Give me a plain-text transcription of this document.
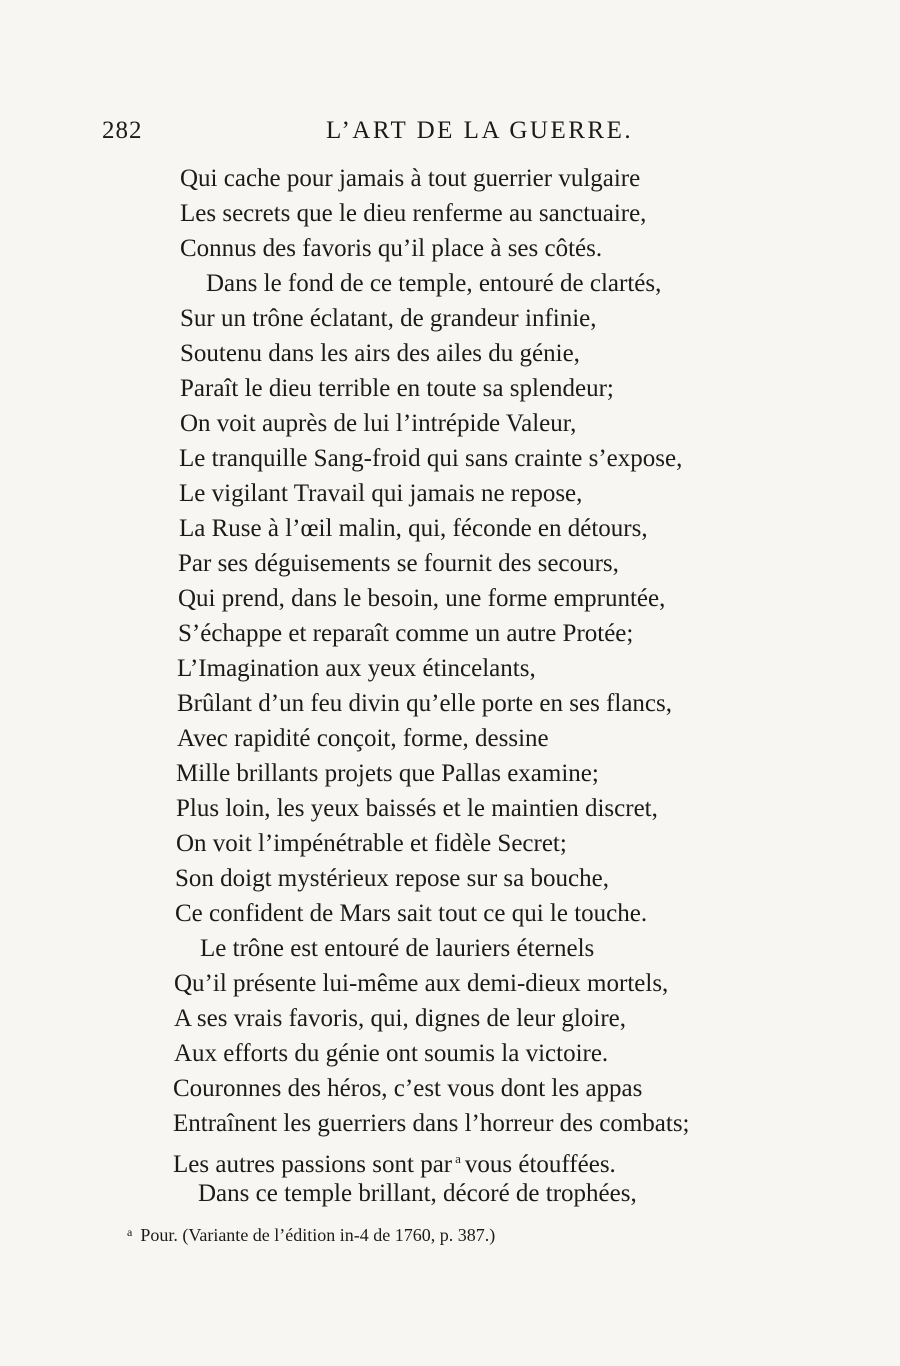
282	L’ART DE LA GUERRE.
Qui cache pour jamais à tout guerrier vulgaire
Les secrets que le dieu renferme au sanctuaire,
Connus des favoris qu’il place à ses côtés.
Dans le fond de ce temple, entouré de clartés,
Sur un trône éclatant, de grandeur infinie,
Soutenu dans les airs des ailes du génie,
Paraît le dieu terrible en toute sa splendeur;
On voit auprès de lui l’intrépide Valeur,
Le tranquille Sang-froid qui sans crainte s’expose,
Le vigilant Travail qui jamais ne repose,
La Ruse à l’œil malin, qui, féconde en détours,
Par ses déguisements se fournit des secours,
Qui prend, dans le besoin, une forme empruntée,
S’échappe et reparaît comme un autre Protée;
L’Imagination aux yeux étincelants,
Brûlant d’un feu divin qu’elle porte en ses flancs,
Avec rapidité conçoit, forme, dessine
Mille brillants projets que Pallas examine;
Plus loin, les yeux baissés et le maintien discret,
On voit l’impénétrable et fidèle Secret;
Son doigt mystérieux repose sur sa bouche,
Ce confident de Mars sait tout ce qui le touche.
Le trône est entouré de lauriers éternels
Qu’il présente lui-même aux demi-dieux mortels,
A ses vrais favoris, qui, dignes de leur gloire,
Aux efforts du génie ont soumis la victoire.
Couronnes des héros, c’est vous dont les appas
Entraînent les guerriers dans l’horreur des combats;
Les autres passions sont par $^a$ vous étouffées.
Dans ce temple brillant, décoré de trophées,
$^a$ Pour. (Variante de l’édition in-4 de 1760, p. 387.)
